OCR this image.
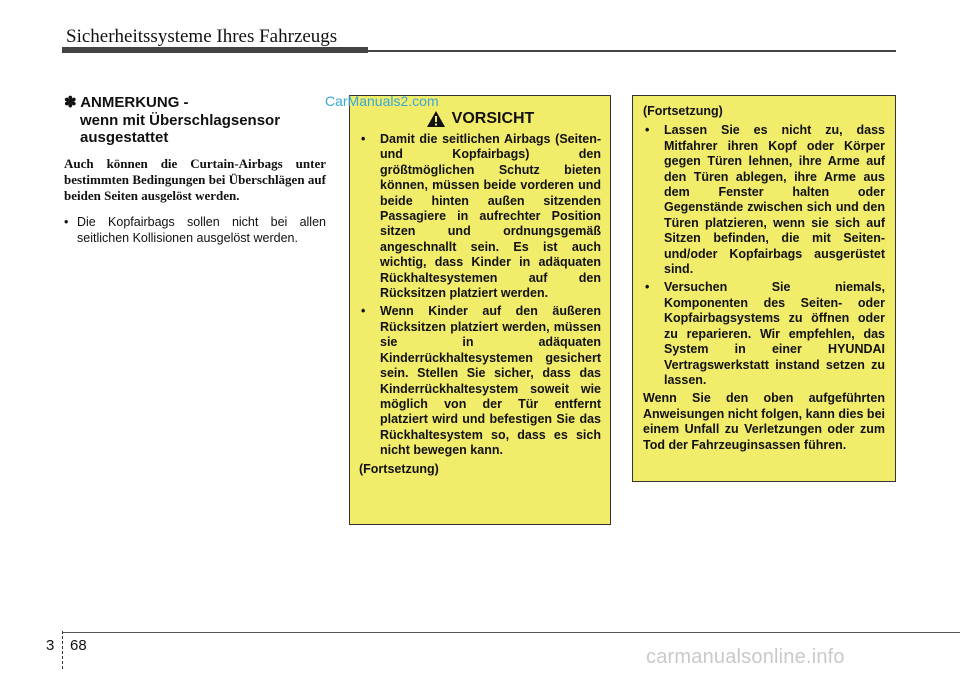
Sicherheitssysteme Ihres Fahrzeugs
✽ ANMERKUNG -
wenn mit Überschlagsensor
ausgestattet
Auch können die Curtain-Airbags unter bestimmten Bedingungen bei Überschlägen auf beiden Seiten ausgelöst werden.
• Die Kopfairbags sollen nicht bei allen seitlichen Kollisionen ausgelöst werden.
VORSICHT
• Damit die seitlichen Airbags (Seiten- und Kopfairbags) den größtmöglichen Schutz bieten können, müssen beide vorderen und beide hinten außen sitzenden Passagiere in aufrechter Position sitzen und ordnungsgemäß angeschnallt sein. Es ist auch wichtig, dass Kinder in adäquaten Rückhaltesystemen auf den Rücksitzen platziert werden.
• Wenn Kinder auf den äußeren Rücksitzen platziert werden, müssen sie in adäquaten Kinderrückhaltesystemen gesichert sein. Stellen Sie sicher, dass das Kinderrückhaltesystem soweit wie möglich von der Tür entfernt platziert wird und befestigen Sie das Rückhaltesystem so, dass es sich nicht bewegen kann.

(Fortsetzung)

(Fortsetzung)

• Lassen Sie es nicht zu, dass Mitfahrer ihren Kopf oder Körper gegen Türen lehnen, ihre Arme auf den Türen ablegen, ihre Arme aus dem Fenster halten oder Gegenstände zwischen sich und den Türen platzieren, wenn sie sich auf Sitzen befinden, die mit Seiten- und/oder Kopfairbags ausgerüstet sind.
• Versuchen Sie niemals, Komponenten des Seiten- oder Kopfairbagsystems zu öffnen oder zu reparieren. Wir empfehlen, das System in einer HYUNDAI Vertragswerkstatt instand setzen zu lassen.

Wenn Sie den oben aufgeführten Anweisungen nicht folgen, kann dies bei einem Unfall zu Verletzungen oder zum Tod der Fahrzeuginsassen führen.

CarManuals2.com
3 68
carmanualsonline.info
